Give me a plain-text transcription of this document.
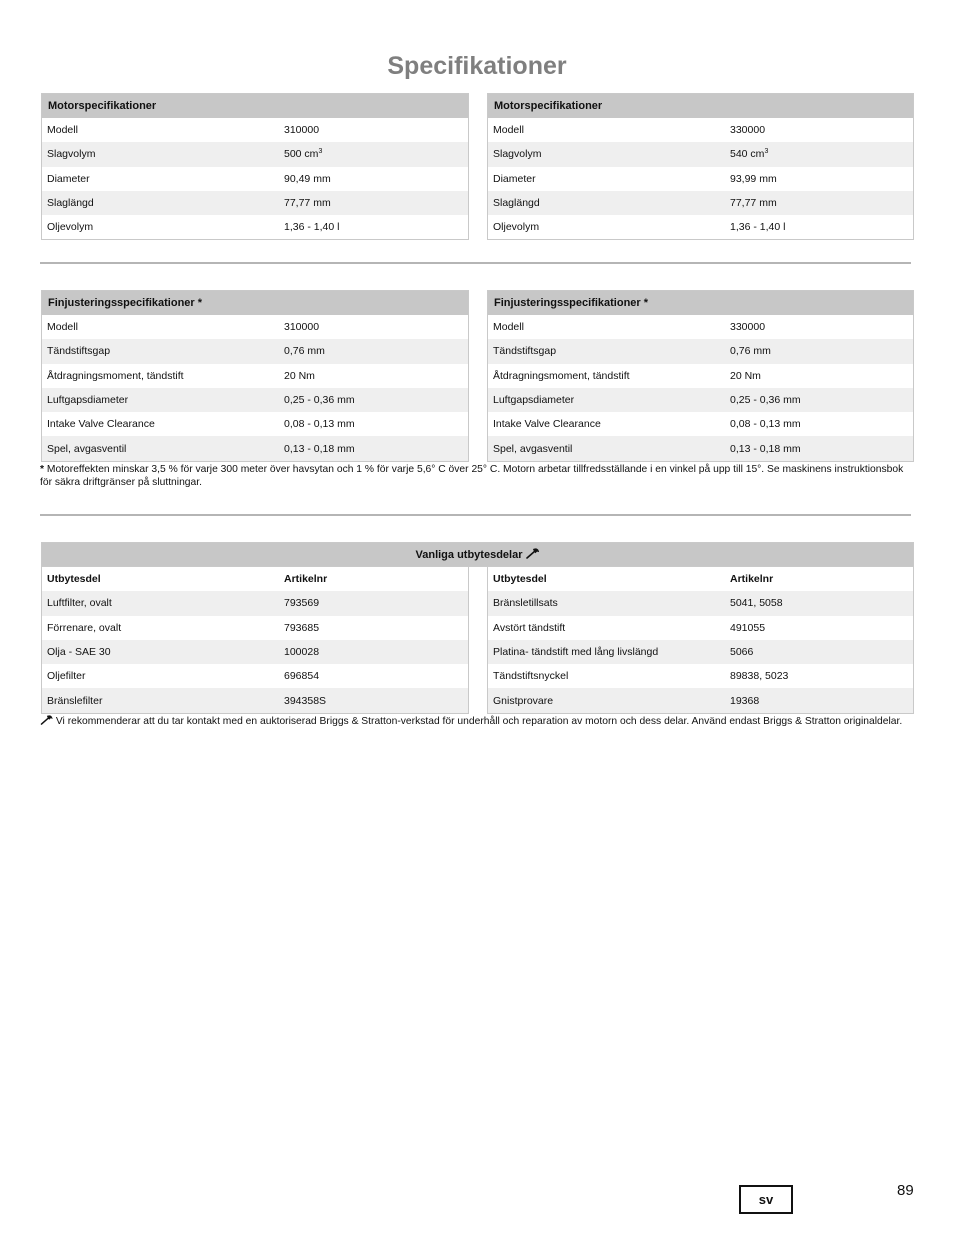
Specifikationer
Motorspecifikationer
Modell	310000
Slagvolym	500 $cm^3$
Diameter	90,49 mm
Slaglängd	77,77 mm
Oljevolym	1,36 - 1,40 l
Motorspecifikationer
Modell	330000
Slagvolym	540 $cm^3$
Diameter	93,99 mm
Slaglängd	77,77 mm
Oljevolym	1,36 - 1,40 l
Finjusteringsspecifikationer *
Modell	310000
Tändstiftsgap	0,76 mm
Åtdragningsmoment, tändstift	20 Nm
Luftgapsdiameter	0,25 - 0,36 mm
Intake Valve Clearance	0,08 - 0,13 mm
Spel, avgasventil	0,13 - 0,18 mm
Finjusteringsspecifikationer *
Modell	330000
Tändstiftsgap	0,76 mm
Åtdragningsmoment, tändstift	20 Nm
Luftgapsdiameter	0,25 - 0,36 mm
Intake Valve Clearance	0,08 - 0,13 mm
Spel, avgasventil	0,13 - 0,18 mm
* Motoreffekten minskar 3,5 % för varje 300 meter över havsytan och 1 % för varje 5,6° C över 25° C. Motorn arbetar tillfredsställande i en vinkel på upp till 15°. Se maskinens instruktionsbok för säkra driftgränser på sluttningar.
Vanliga utbytesdelar
Utbytesdel	Artikelnr
Luftfilter, ovalt	793569
Förrenare, ovalt	793685
Olja - SAE 30	100028
Oljefilter	696854
Bränslefilter	394358S
Utbytesdel	Artikelnr
Bränsletillsats	5041, 5058
Avstört tändstift	491055
Platina- tändstift med lång livslängd	5066
Tändstiftsnyckel	89838, 5023
Gnistprovare	19368
Vi rekommenderar att du tar kontakt med en auktoriserad Briggs & Stratton-verkstad för underhåll och reparation av motorn och dess delar. Använd endast Briggs & Stratton originaldelar.
sv
89
